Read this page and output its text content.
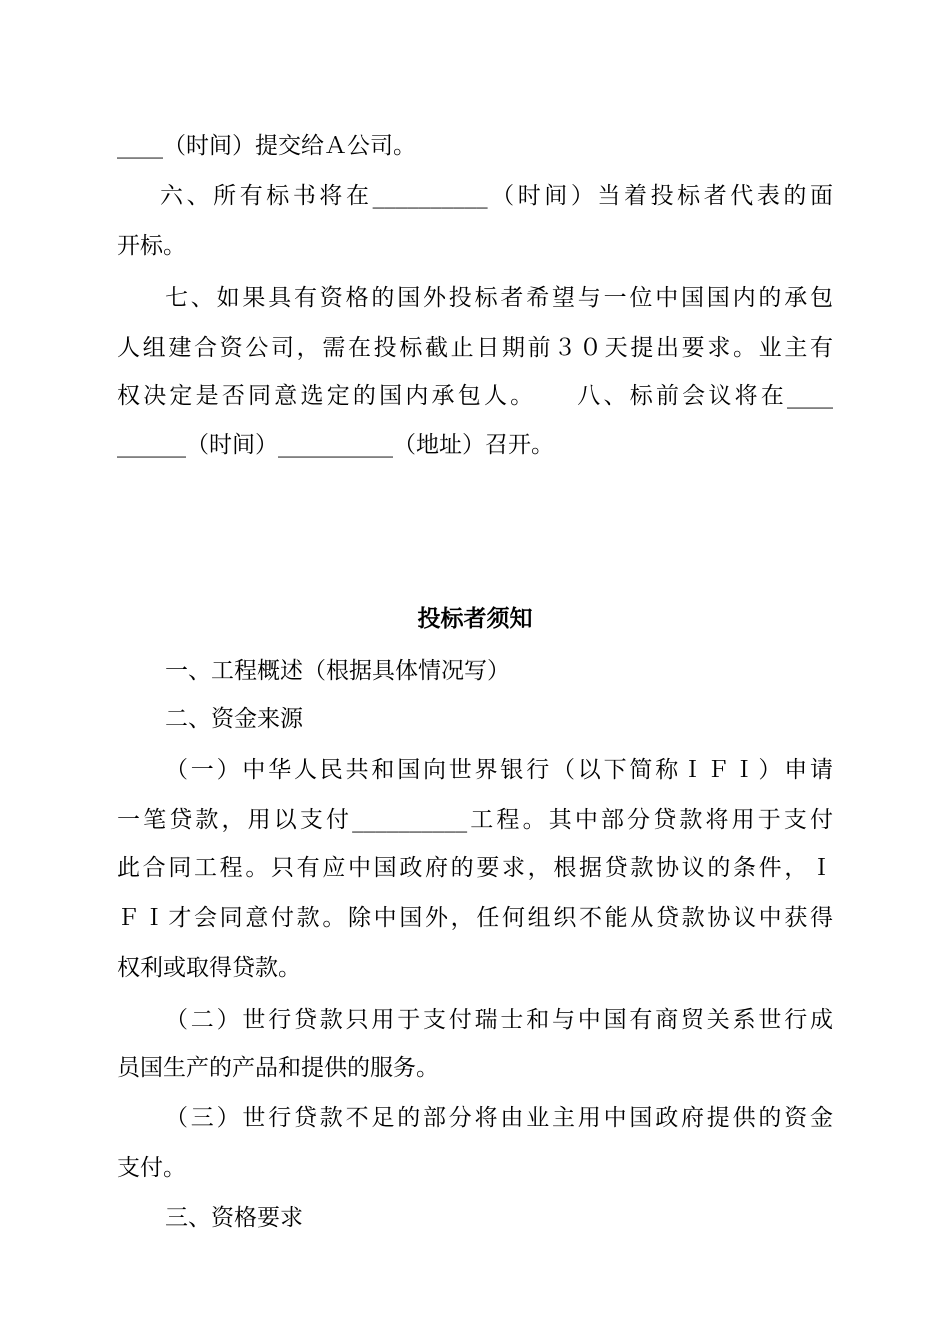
____（时间）提交给Ａ公司。
六、所有标书将在__________（时间）当着投标者代表的面
开标。
七、如果具有资格的国外投标者希望与一位中国国内的承包
人组建合资公司，需在投标截止日期前３０天提出要求。业主有
权决定是否同意选定的国内承包人。　　八、标前会议将在____
______（时间）__________（地址）召开。
投标者须知
一、工程概述（根据具体情况写）
二、资金来源
（一）中华人民共和国向世界银行（以下简称ＩＦＩ）申请
一笔贷款，用以支付__________工程。其中部分贷款将用于支付
此合同工程。只有应中国政府的要求，根据贷款协议的条件，Ｉ
ＦＩ才会同意付款。除中国外，任何组织不能从贷款协议中获得
权利或取得贷款。
（二）世行贷款只用于支付瑞士和与中国有商贸关系世行成
员国生产的产品和提供的服务。
（三）世行贷款不足的部分将由业主用中国政府提供的资金
支付。
三、资格要求
